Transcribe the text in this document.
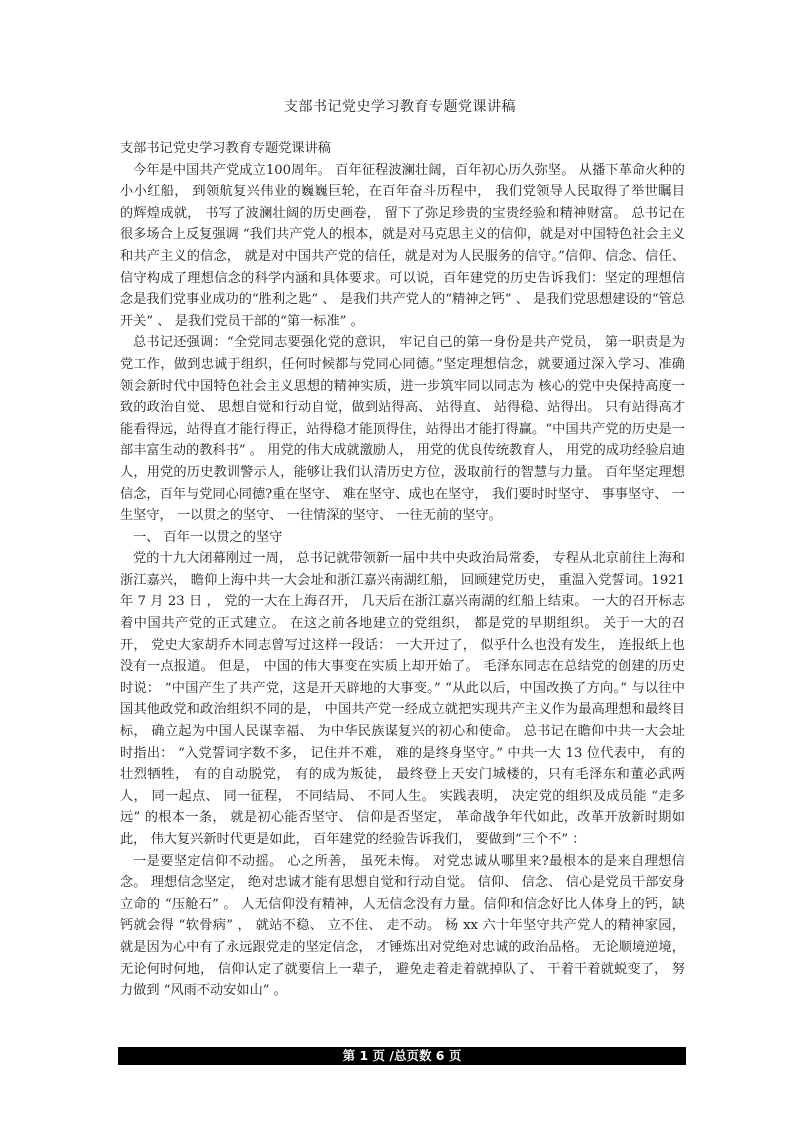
支部书记党史学习教育专题党课讲稿

支部书记党史学习教育专题党课讲稿

今年是中国共产党成立100周年。 百年征程波澜壮阔，百年初心历久弥坚。 从播下革命火种的小小红船， 到领航复兴伟业的巍巍巨轮，在百年奋斗历程中， 我们党领导人民取得了举世瞩目 的辉煌成就， 书写了波澜壮阔的历史画卷， 留下了弥足珍贵的宝贵经验和精神财富。 总书记在很多场合上反复强调 “我们共产党人的根本，就是对马克思主义的信仰，就是对中国特色社会主义和共产主义的信念， 就是对中国共产党的信任，就是对为人民服务的信守。”信仰、信念、信任、信守构成了理想信念的科学内涵和具体要求。可以说，百年建党的历史告诉我们：坚定的理想信念是我们党事业成功的“胜利之匙” 、 是我们共产党人的“精神之钙” 、 是我们党思想建设的“管总开关” 、 是我们党员干部的“第一标准” 。

总书记还强调：“全党同志要强化党的意识， 牢记自己的第一身份是共产党员， 第一职责是为党工作，做到忠诚于组织，任何时候都与党同心同德。”坚定理想信念，就要通过深入学习、准确领会新时代中国特色社会主义思想的精神实质，进一步筑牢同以同志为 核心的党中央保持高度一致的政治自觉、 思想自觉和行动自觉，做到站得高、 站得直、 站得稳、站得出。 只有站得高才能看得远，站得直才能行得正，站得稳才能顶得住，站得出才能打得赢。“中国共产党的历史是一部丰富生动的教科书” 。 用党的伟大成就激励人， 用党的优良传统教育人， 用党的成功经验启迪人，用党的历史教训警示人，能够让我们认清历史方位，汲取前行的智慧与力量。 百年坚定理想信念，百年与党同心同德?重在坚守、 难在坚守、成也在坚守， 我们要时时坚守、 事事坚守、 一生坚守， 一以贯之的坚守、 一往情深的坚守、 一往无前的坚守。

一、 百年一以贯之的坚守

党的十九大闭幕刚过一周， 总书记就带领新一届中共中央政治局常委， 专程从北京前往上海和浙江嘉兴， 瞻仰上海中共一大会址和浙江嘉兴南湖红船， 回顾建党历史， 重温入党誓词。1921 年 7 月 23 日 ， 党的一大在上海召开， 几天后在浙江嘉兴南湖的红船上结束。 一大的召开标志着中国共产党的正式建立。 在这之前各地建立的党组织， 都是党的早期组织。 关于一大的召开， 党史大家胡乔木同志曾写过这样一段话： 一大开过了， 似乎什么也没有发生， 连报纸上也没有一点报道。 但是， 中国的伟大事变在实质上却开始了。 毛泽东同志在总结党的创建的历史时说： “中国产生了共产党，这是开天辟地的大事变。” “从此以后，中国改换了方向。” 与以往中国其他政党和政治组织不同的是， 中国共产党一经成立就把实现共产主义作为最高理想和最终目 标， 确立起为中国人民谋幸福、 为中华民族谋复兴的初心和使命。 总书记在瞻仰中共一大会址时指出： “入党誓词字数不多， 记住并不难， 难的是终身坚守。” 中共一大 13 位代表中， 有的壮烈牺牲， 有的自动脱党， 有的成为叛徒， 最终登上天安门城楼的，只有毛泽东和董必武两人， 同一起点、 同一征程， 不同结局、 不同人生。 实践表明， 决定党的组织及成员能 “走多远” 的根本一条， 就是初心能否坚守、 信仰是否坚定， 革命战争年代如此，改革开放新时期如此， 伟大复兴新时代更是如此， 百年建党的经验告诉我们， 要做到“三个不” ：

一是要坚定信仰不动摇。 心之所善， 虽死未悔。 对党忠诚从哪里来?最根本的是来自理想信念。 理想信念坚定， 绝对忠诚才能有思想自觉和行动自觉。 信仰、 信念、 信心是党员干部安身立命的 “压舱石” 。 人无信仰没有精神，人无信念没有力量。信仰和信念好比人体身上的钙，缺钙就会得 “软骨病” ， 就站不稳、 立不住、 走不动。 杨 xx 六十年坚守共产党人的精神家园， 就是因为心中有了永远跟党走的坚定信念， 才锤炼出对党绝对忠诚的政治品格。 无论顺境逆境， 无论何时何地， 信仰认定了就要信上一辈子， 避免走着走着就掉队了、 干着干着就蜕变了， 努力做到 “风雨不动安如山” 。

第 1 页 /总页数 6 页
